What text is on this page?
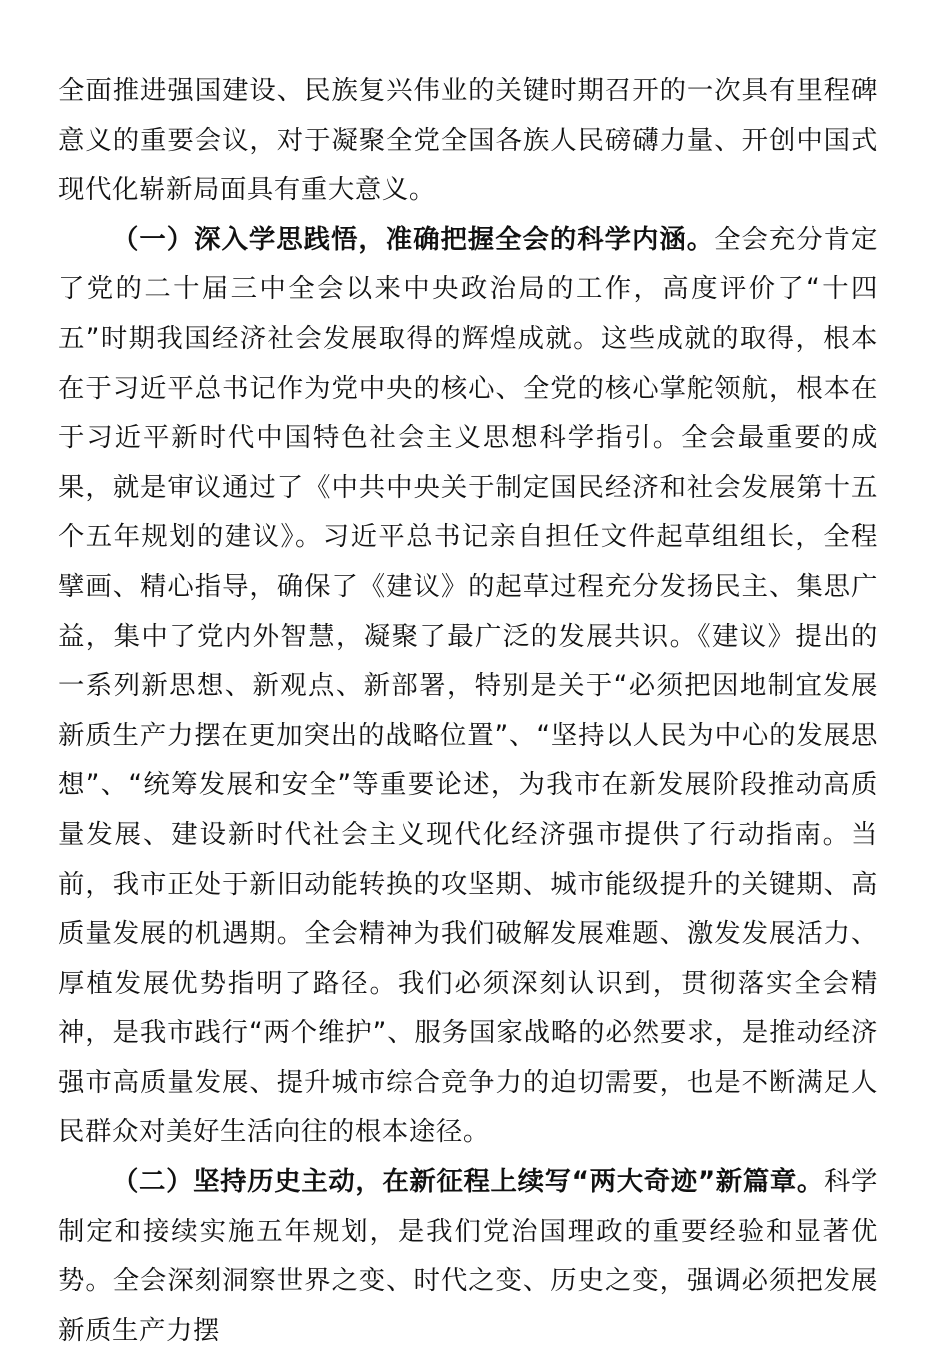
全面推进强国建设、民族复兴伟业的关键时期召开的一次具有里程碑意义的重要会议，对于凝聚全党全国各族人民磅礴力量、开创中国式现代化崭新局面具有重大意义。

（一）深入学思践悟，准确把握全会的科学内涵。全会充分肯定了党的二十届三中全会以来中央政治局的工作，高度评价了“十四五”时期我国经济社会发展取得的辉煌成就。这些成就的取得，根本在于习近平总书记作为党中央的核心、全党的核心掌舵领航，根本在于习近平新时代中国特色社会主义思想科学指引。全会最重要的成果，就是审议通过了《中共中央关于制定国民经济和社会发展第十五个五年规划的建议》。习近平总书记亲自担任文件起草组组长，全程擘画、精心指导，确保了《建议》的起草过程充分发扬民主、集思广益，集中了党内外智慧，凝聚了最广泛的发展共识。《建议》提出的一系列新思想、新观点、新部署，特别是关于“必须把因地制宜发展新质生产力摆在更加突出的战略位置”、“坚持以人民为中心的发展思想”、“统筹发展和安全”等重要论述，为我市在新发展阶段推动高质量发展、建设新时代社会主义现代化经济强市提供了行动指南。当前，我市正处于新旧动能转换的攻坚期、城市能级提升的关键期、高质量发展的机遇期。全会精神为我们破解发展难题、激发发展活力、厚植发展优势指明了路径。我们必须深刻认识到，贯彻落实全会精神，是我市践行“两个维护”、服务国家战略的必然要求，是推动经济强市高质量发展、提升城市综合竞争力的迫切需要，也是不断满足人民群众对美好生活向往的根本途径。

（二）坚持历史主动，在新征程上续写“两大奇迹”新篇章。科学制定和接续实施五年规划，是我们党治国理政的重要经验和显著优势。全会深刻洞察世界之变、时代之变、历史之变，强调必须把发展新质生产力摆
